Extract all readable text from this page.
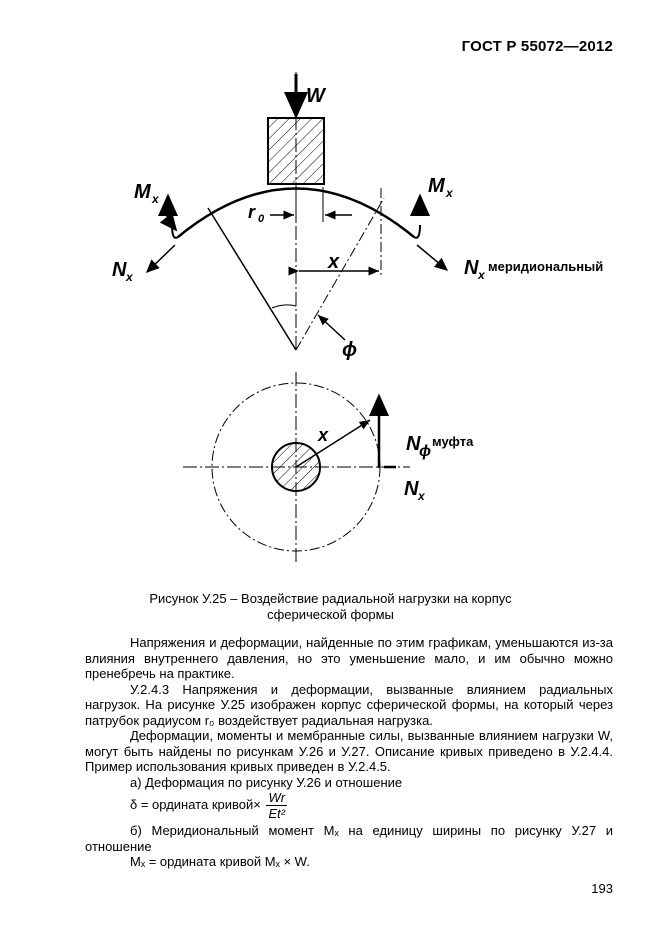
ГОСТ Р 55072—2012
W
M x
M x
r 0
N x	N x
x
ϕ
x	N
ϕ
N x
меридиональный
муфта
Рисунок У.25 – Воздействие радиальной нагрузки на корпус
сферической формы

Напряжения и деформации, найденные по этим графикам, уменьшаются из-за влияния внутреннего давления, но это уменьшение мало, и им обычно можно пренебречь на практике.

У.2.4.3 Напряжения и деформации, вызванные влиянием радиальных нагрузок. На рисунке У.25 изображен корпус сферической формы, на который через патрубок радиусом r₀ воздействует радиальная нагрузка.

Деформации, моменты и мембранные силы, вызванные влиянием нагрузки W, могут быть найдены по рисункам У.26 и У.27. Описание кривых приведено в У.2.4.4. Пример использования кривых приведен в У.2.4.5.

а) Деформация по рисунку У.26 и отношение

δ = ордината кривой× $\frac{Wr}{\text{Et²}}$

б) Меридиональный момент Mₓ на единицу ширины по рисунку У.27 и отношение

Mₓ = ордината кривой Mₓ × W.

193
